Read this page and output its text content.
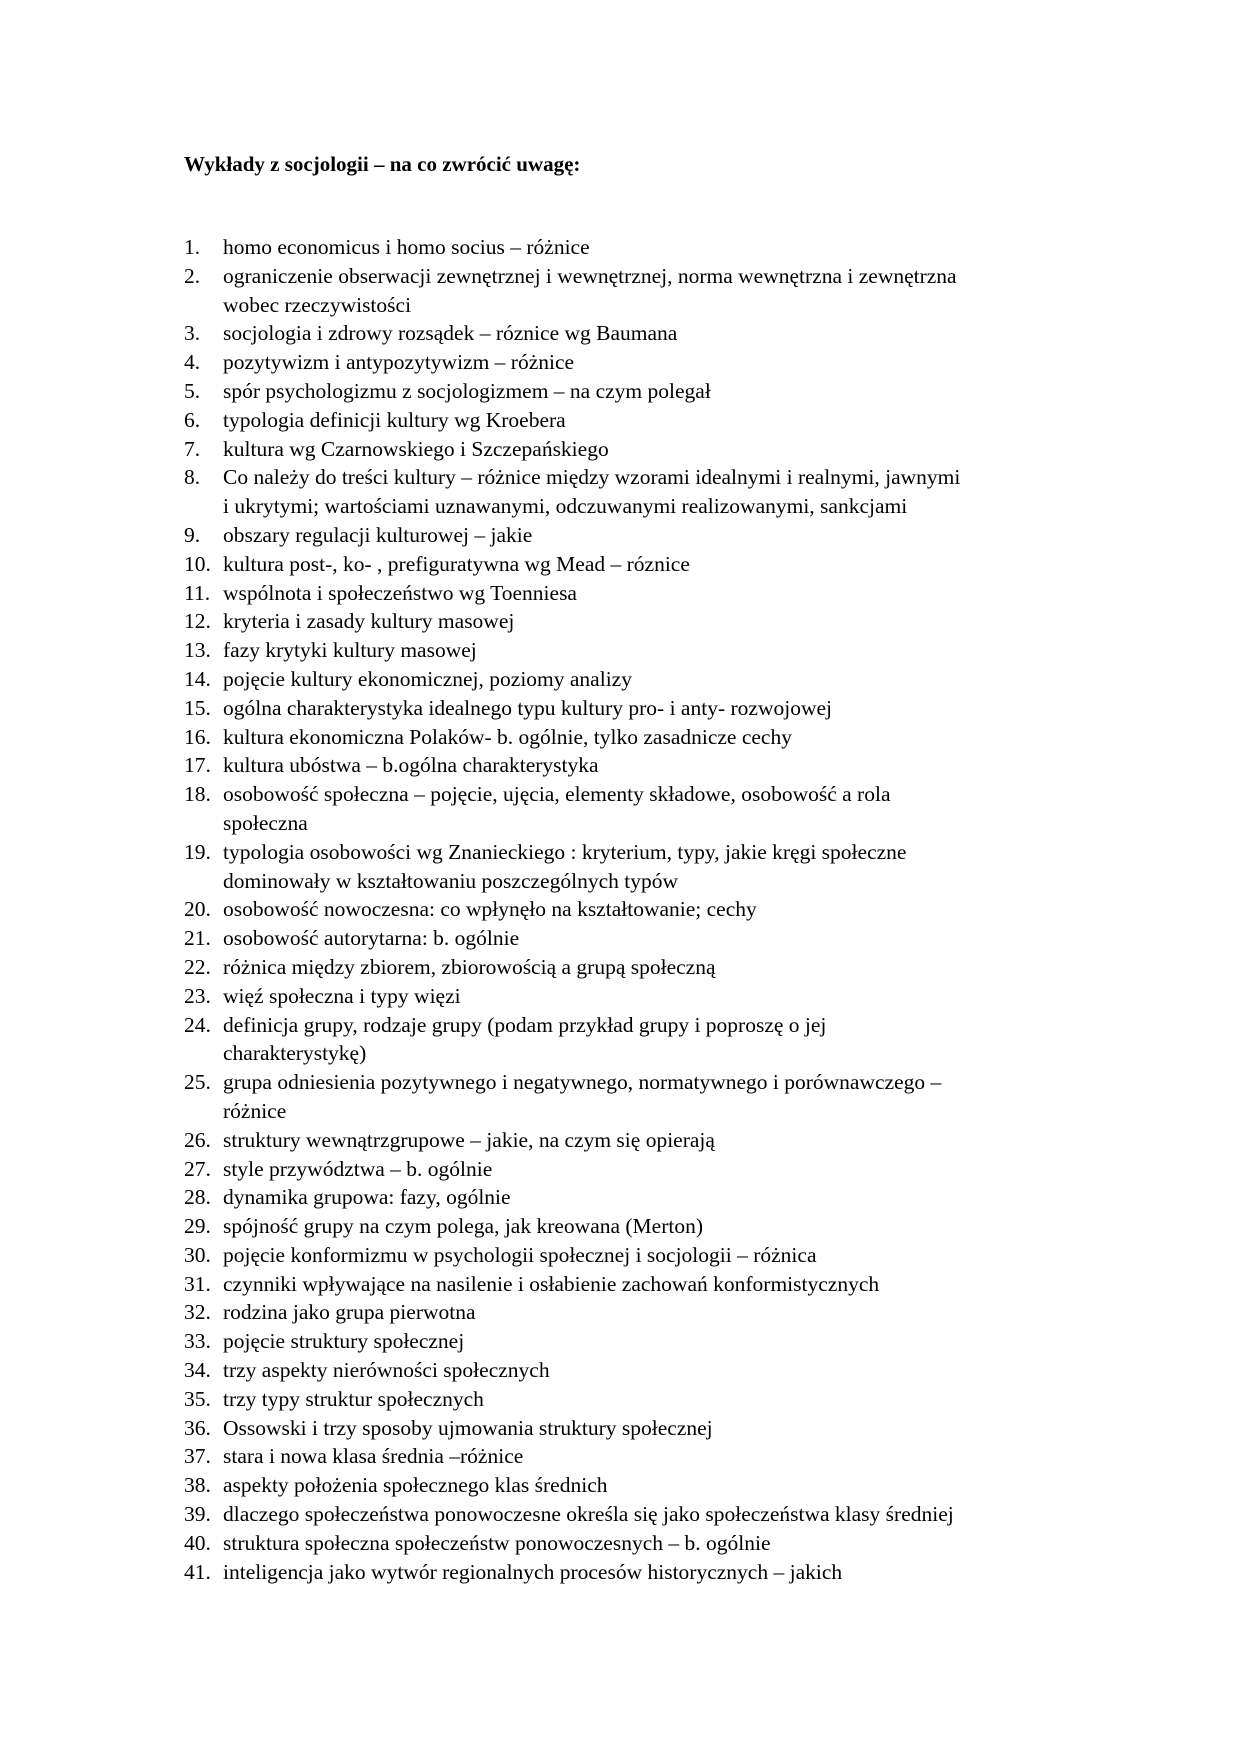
Wykłady z socjologii – na co zwrócić uwagę:
1. homo economicus i homo socius – różnice
2. ograniczenie obserwacji zewnętrznej i wewnętrznej, norma wewnętrzna i zewnętrzna
wobec rzeczywistości
3. socjologia i zdrowy rozsądek – róznice wg Baumana
4. pozytywizm i antypozytywizm – różnice
5. spór psychologizmu z socjologizmem – na czym polegał
6. typologia definicji kultury wg Kroebera
7. kultura wg Czarnowskiego i Szczepańskiego
8. Co należy do treści kultury – różnice między wzorami idealnymi i realnymi, jawnymi
i ukrytymi; wartościami uznawanymi, odczuwanymi realizowanymi, sankcjami
9. obszary regulacji kulturowej – jakie
10. kultura post-, ko- , prefiguratywna wg Mead – róznice
11. wspólnota i społeczeństwo wg Toenniesa
12. kryteria i zasady kultury masowej
13. fazy krytyki kultury masowej
14. pojęcie kultury ekonomicznej, poziomy analizy
15. ogólna charakterystyka idealnego typu kultury pro- i anty- rozwojowej
16. kultura ekonomiczna Polaków- b. ogólnie, tylko zasadnicze cechy
17. kultura ubóstwa – b.ogólna charakterystyka
18. osobowość społeczna – pojęcie, ujęcia, elementy składowe, osobowość a rola
społeczna
19. typologia osobowości wg Znanieckiego : kryterium, typy, jakie kręgi społeczne
dominowały w kształtowaniu poszczególnych typów
20. osobowość nowoczesna: co wpłynęło na kształtowanie; cechy
21. osobowość autorytarna: b. ogólnie
22. różnica między zbiorem, zbiorowością a grupą społeczną
23. więź społeczna i typy więzi
24. definicja grupy, rodzaje grupy (podam przykład grupy i poproszę o jej
charakterystykę)
25. grupa odniesienia pozytywnego i negatywnego, normatywnego i porównawczego –
różnice
26. struktury wewnątrzgrupowe – jakie, na czym się opierają
27. style przywództwa – b. ogólnie
28. dynamika grupowa: fazy, ogólnie
29. spójność grupy na czym polega, jak kreowana (Merton)
30. pojęcie konformizmu w psychologii społecznej i socjologii – różnica
31. czynniki wpływające na nasilenie i osłabienie zachowań konformistycznych
32. rodzina jako grupa pierwotna
33. pojęcie struktury społecznej
34. trzy aspekty nierówności społecznych
35. trzy typy struktur społecznych
36. Ossowski i trzy sposoby ujmowania struktury społecznej
37. stara i nowa klasa średnia –różnice
38. aspekty położenia społecznego klas średnich
39. dlaczego społeczeństwa ponowoczesne określa się jako społeczeństwa klasy średniej
40. struktura społeczna społeczeństw ponowoczesnych – b. ogólnie
41. inteligencja jako wytwór regionalnych procesów historycznych – jakich
